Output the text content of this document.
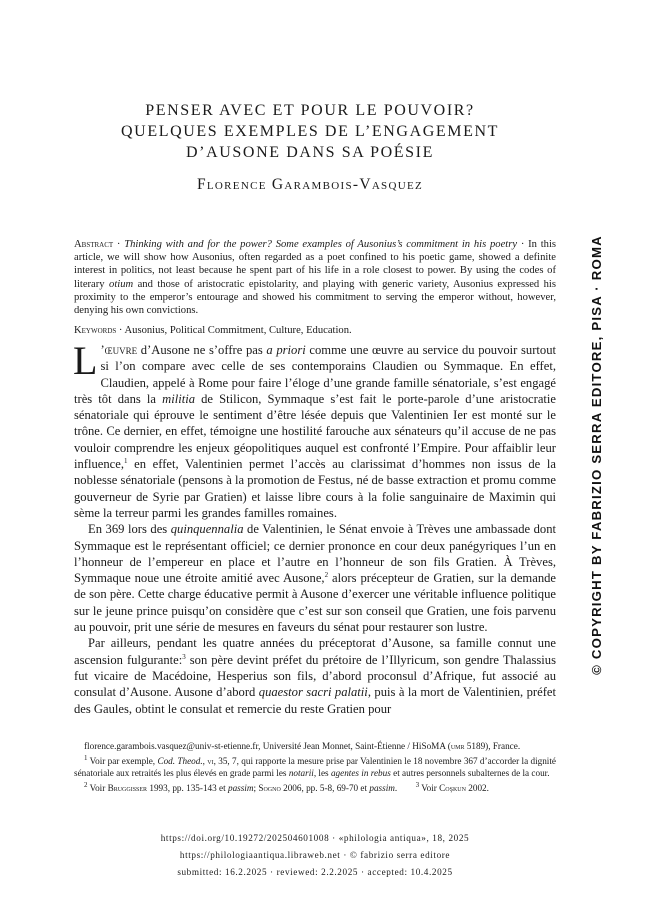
PENSER AVEC ET POUR LE POUVOIR?
QUELQUES EXEMPLES DE L’ENGAGEMENT
D’AUSONE DANS SA POÉSIE
Florence Garambois-Vasquez

Abstract · Thinking with and for the power? Some examples of Ausonius’s commitment in his poetry · In this article, we will show how Ausonius, often regarded as a poet confined to his poetic game, showed a definite interest in politics, not least because he spent part of his life in a role closest to power. By using the codes of literary otium and those of aristocratic epistolarity, and playing with generic variety, Ausonius expressed his proximity to the emperor’s entourage and showed his commitment to serving the emperor without, however, denying his own convictions.

Keywords · Ausonius, Political Commitment, Culture, Education.

L ’œuvre d’Ausone ne s’offre pas a priori comme une œuvre au service du pouvoir surtout si l’on compare avec celle de ses contemporains Claudien ou Symmaque. En effet, Claudien, appelé à Rome pour faire l’éloge d’une grande famille sénatoriale, s’est engagé très tôt dans la militia de Stilicon, Symmaque s’est fait le porte-parole d’une aristocratie sénatoriale qui éprouve le sentiment d’être lésée depuis que Valentinien Ier est monté sur le trône. Ce dernier, en effet, témoigne une hostilité farouche aux sénateurs qu’il accuse de ne pas vouloir comprendre les enjeux géopolitiques auquel est confronté l’Empire. Pour affaiblir leur influence,$^1$ en effet, Valentinien permet l’accès au clarissimat d’hommes non issus de la noblesse sénatoriale (pensons à la promotion de Festus, né de basse extraction et promu comme gouverneur de Syrie par Gratien) et laisse libre cours à la folie sanguinaire de Maximin qui sème la terreur parmi les grandes familles romaines.

En 369 lors des quinquennalia de Valentinien, le Sénat envoie à Trèves une ambassade dont Symmaque est le représentant officiel; ce dernier prononce en cour deux panégyriques l’un en l’honneur de l’empereur en place et l’autre en l’honneur de son fils Gratien. À Trèves, Symmaque noue une étroite amitié avec Ausone,$^2$ alors précepteur de Gratien, sur la demande de son père. Cette charge éducative permit à Ausone d’exercer une véritable influence politique sur le jeune prince puisqu’on considère que c’est sur son conseil que Gratien, une fois parvenu au pouvoir, prit une série de mesures en faveurs du sénat pour restaurer son lustre.

Par ailleurs, pendant les quatre années du préceptorat d’Ausone, sa famille connut une ascension fulgurante:$^3$ son père devint préfet du prétoire de l’Illyricum, son gendre Thalassius fut vicaire de Macédoine, Hesperius son fils, d’abord proconsul d’Afrique, fut associé au consulat d’Ausone. Ausone d’abord quaestor sacri palatii, puis à la mort de Valentinien, préfet des Gaules, obtint le consulat et remercie du reste Gratien pour

florence.garambois.vasquez@univ-st-etienne.fr, Université Jean Monnet, Saint-Étienne / HiSoMA (umr 5189), France.

$^1$ Voir par exemple, Cod. Theod., vi, 35, 7, qui rapporte la mesure prise par Valentinien le 18 novembre 367 d’accorder la dignité sénatoriale aux retraités les plus élevés en grade parmi les notarii, les agentes in rebus et autres personnels subalternes de la cour.

$^2$ Voir Bruggisser 1993, pp. 135-143 et passim; Sogno 2006, pp. 5-8, 69-70 et passim.	$^3$ Voir Coşkun 2002.

https://doi.org/10.19272/202504601008 · «philologia antiqua», 18, 2025
https://philologiaantiqua.libraweb.net · © fabrizio serra editore
submitted: 16.2.2025 · reviewed: 2.2.2025 · accepted: 10.4.2025
© COPYRIGHT BY FABRIZIO SERRA EDITORE, PISA · ROMA
